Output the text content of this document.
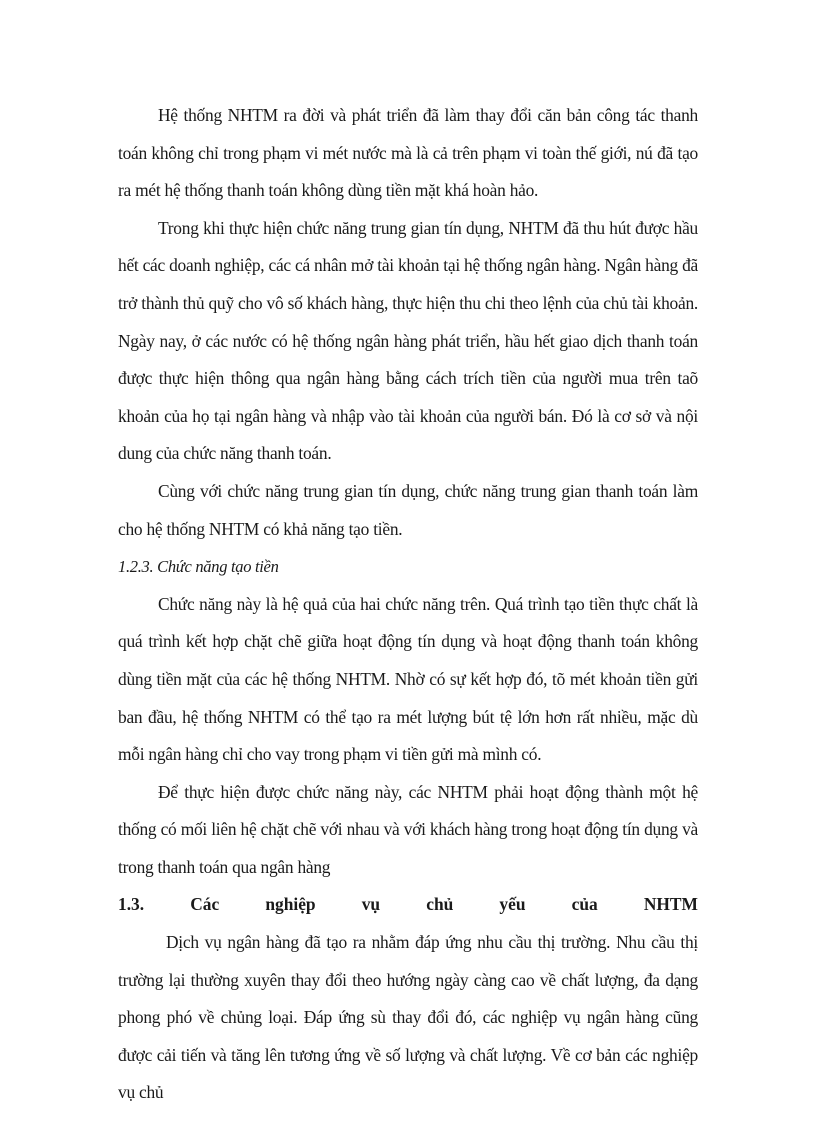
Hệ thống NHTM ra đời và phát triển đã làm thay đổi căn bản công tác thanh toán không chỉ trong phạm vi mét nước mà là cả trên phạm vi toàn thế giới, nú đã tạo ra mét hệ thống thanh toán không dùng tiền mặt khá hoàn hảo.

Trong khi thực hiện chức năng trung gian tín dụng, NHTM đã thu hút được hầu hết các doanh nghiệp, các cá nhân mở tài khoản tại hệ thống ngân hàng. Ngân hàng đã trở thành thủ quỹ cho vô số khách hàng, thực hiện thu chi theo lệnh của chủ tài khoản. Ngày nay, ở các nước có hệ thống ngân hàng phát triển, hầu hết giao dịch thanh toán được thực hiện thông qua ngân hàng bằng cách trích tiền của người mua trên taõ khoản của họ tại ngân hàng và nhập vào tài khoản của người bán. Đó là cơ sở và nội dung của chức năng thanh toán.

Cùng với chức năng trung gian tín dụng, chức năng trung gian thanh toán làm cho hệ thống NHTM có khả năng tạo tiền.

1.2.3. Chức năng tạo tiền

Chức năng này là hệ quả của hai chức năng trên. Quá trình tạo tiền thực chất là quá trình kết hợp chặt chẽ giữa hoạt động tín dụng và hoạt động thanh toán không dùng tiền mặt của các hệ thống NHTM. Nhờ có sự kết hợp đó, tõ mét khoản tiền gửi ban đầu, hệ thống NHTM có thể tạo ra mét lượng bút tệ lớn hơn rất nhiều, mặc dù mỗi ngân hàng chỉ cho vay trong phạm vi tiền gửi mà mình có.

Để thực hiện được chức năng này, các NHTM phải hoạt động thành một hệ thống có mối liên hệ chặt chẽ với nhau và với khách hàng trong hoạt động tín dụng và trong thanh toán qua ngân hàng

1.3.	Các	nghiệp	vụ	chủ	yếu	của	NHTM

Dịch vụ ngân hàng đã tạo ra nhằm đáp ứng nhu cầu thị trường. Nhu cầu thị trường lại thường xuyên thay đổi theo hướng ngày càng cao về chất lượng, đa dạng phong phó về chủng loại. Đáp ứng sù thay đổi đó, các nghiệp vụ ngân hàng cũng được cải tiến và tăng lên tương ứng về số lượng và chất lượng. Về cơ bản các nghiệp vụ chủ
